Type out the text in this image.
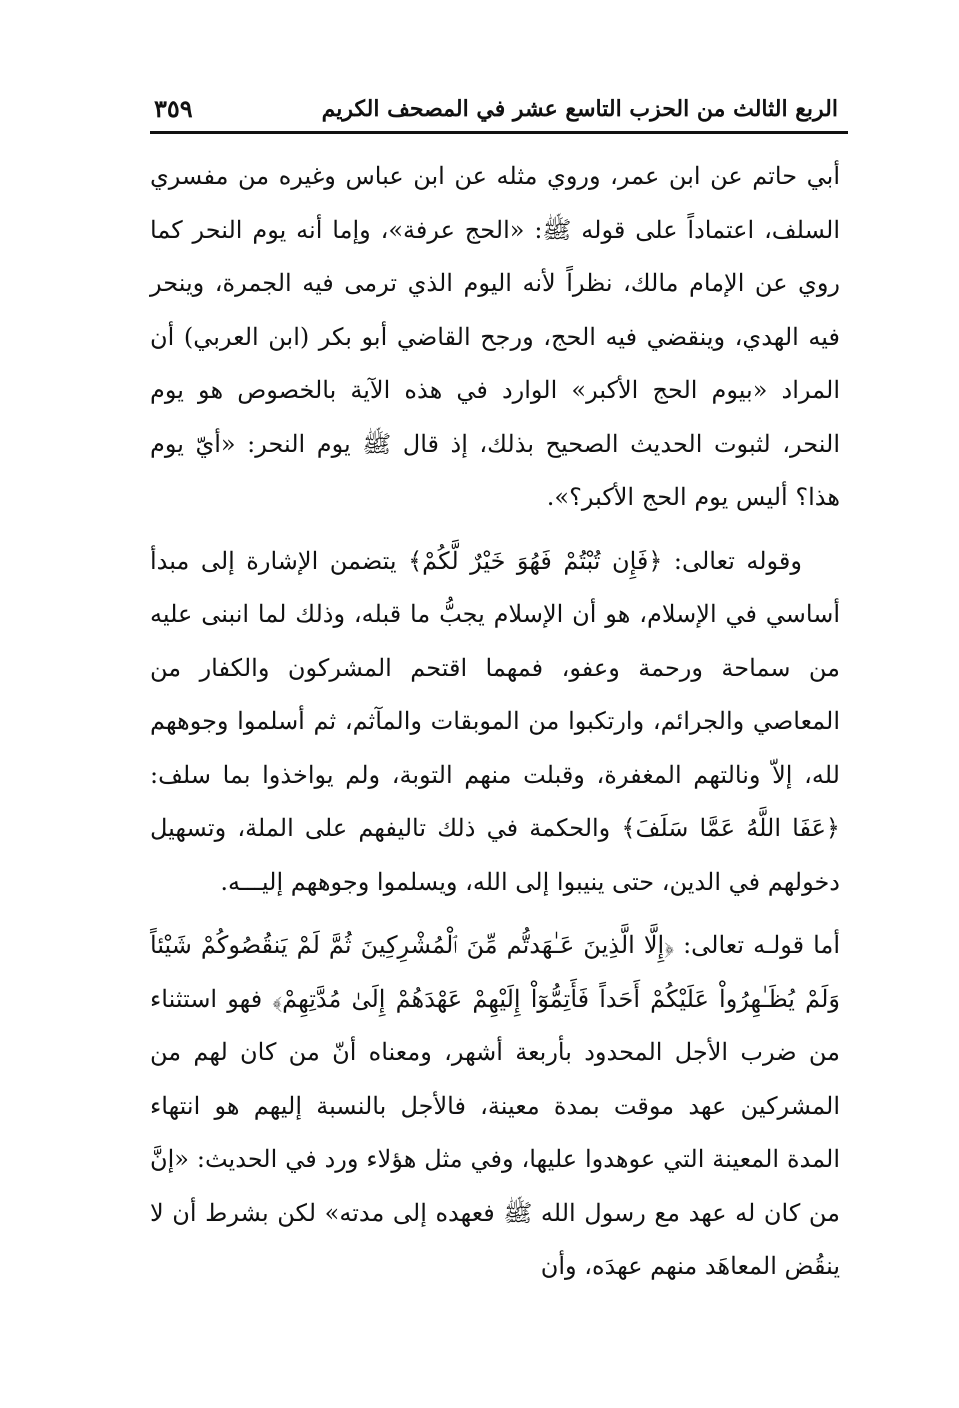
الربع الثالث من الحزب التاسع عشر في المصحف الكريم
٣٥٩

أبي حاتم عن ابن عمر، وروي مثله عن ابن عباس وغيره من مفسري السلف، اعتماداً على قوله ﷺ: «الحج عرفة»، وإما أنه يوم النحر كما روي عن الإمام مالك، نظراً لأنه اليوم الذي ترمى فيه الجمرة، وينحر فيه الهدي، وينقضي فيه الحج، ورجح القاضي أبو بكر (ابن العربي) أن المراد «بيوم الحج الأكبر» الوارد في هذه الآية بالخصوص هو يوم النحر، لثبوت الحديث الصحيح بذلك، إذ قال ﷺ يوم النحر: «أيّ يوم هذا؟ أليس يوم الحج الأكبر؟».

وقوله تعالى: ﴿فَإِن تُبْتُمْ فَهُوَ خَيْرٌ لَّكُمْ﴾ يتضمن الإشارة إلى مبدأ أساسي في الإسلام، هو أن الإسلام يجبُّ ما قبله، وذلك لما انبنى عليه من سماحة ورحمة وعفو، فمهما اقتحم المشركون والكفار من المعاصي والجرائم، وارتكبوا من الموبقات والمآثم، ثم أسلموا وجوههم لله، إلاّ ونالتهم المغفرة، وقبلت منهم التوبة، ولم يواخذوا بما سلف: ﴿عَفَا اللَّهُ عَمَّا سَلَفَ﴾ والحكمة في ذلك تاليفهم على الملة، وتسهيل دخولهم في الدين، حتى ينيبوا إلى الله، ويسلموا وجوههم إليـــه.

أما قولـه تعالى: ﴿إِلَّا الَّذِينَ عَـٰهَدتُّم مِّنَ ٱلْمُشْرِكِينَ ثُمَّ لَمْ يَنقُصُوكُمْ شَيْئاً وَلَمْ يُظَـٰهِرُواْ عَلَيْكُمْ أَحَداً فَأَتِمُّوٓاْ إِلَيْهِمْ عَهْدَهُمْ إِلَىٰ مُدَّتِهِمْ﴾ فهو استثناء من ضرب الأجل المحدود بأربعة أشهر، ومعناه أنّ من كان لهم من المشركين عهد موقت بمدة معينة، فالأجل بالنسبة إليهم هو انتهاء المدة المعينة التي عوهدوا عليها، وفي مثل هؤلاء ورد في الحديث: «إنَّ من كان له عهد مع رسول الله ﷺ فعهده إلى مدته» لكن بشرط أن لا ينقُض المعاهَد منهم عهدَه، وأن
